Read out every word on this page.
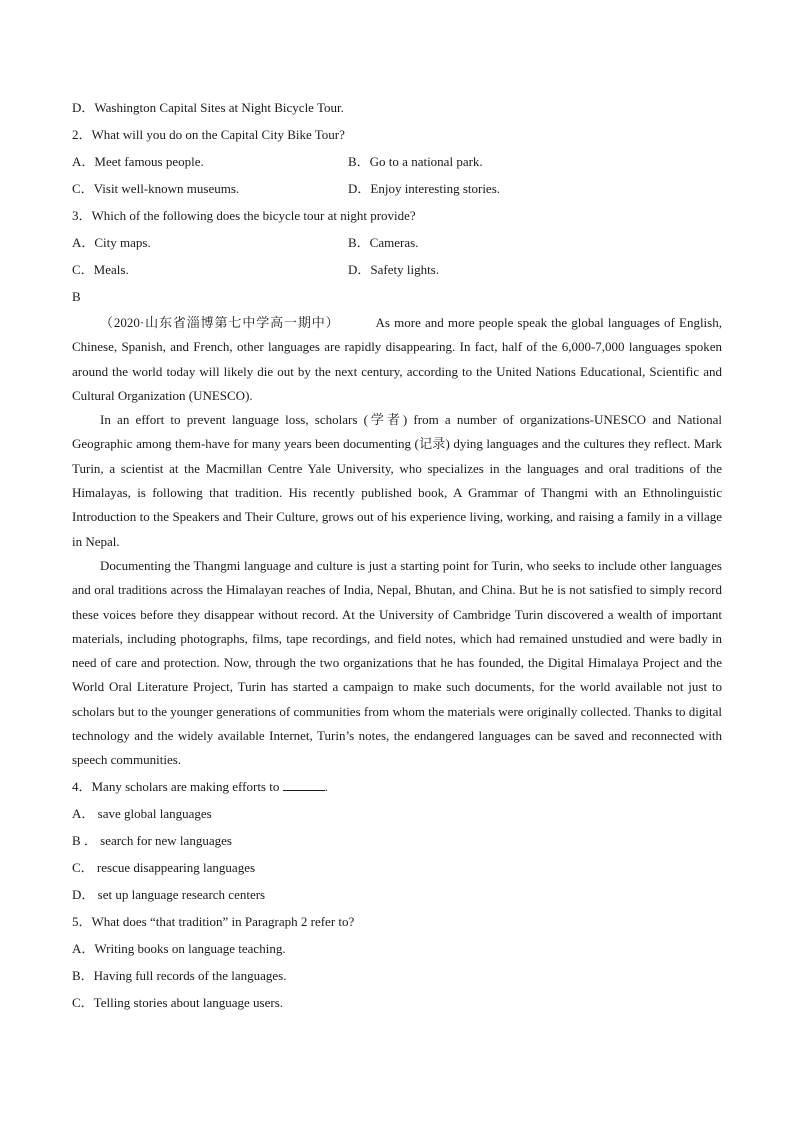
D．Washington Capital Sites at Night Bicycle Tour.
2．What will you do on the Capital City Bike Tour?
A．Meet famous people.	B．Go to a national park.
C．Visit well-known museums.	D．Enjoy interesting stories.
3．Which of the following does the bicycle tour at night provide?
A．City maps.	B．Cameras.
C．Meals.	D．Safety lights.
B

（2020·山东省淄博第七中学高一期中）	As more and more people speak the global languages of English, Chinese, Spanish, and French, other languages are rapidly disappearing. In fact, half of the 6,000-7,000 languages spoken around the world today will likely die out by the next century, according to the United Nations Educational, Scientific and Cultural Organization (UNESCO).

In an effort to prevent language loss, scholars (学者) from a number of organizations-UNESCO and National Geographic among them-have for many years been documenting (记录) dying languages and the cultures they reflect. Mark Turin, a scientist at the Macmillan Centre Yale University, who specializes in the languages and oral traditions of the Himalayas, is following that tradition. His recently published book, A Grammar of Thangmi with an Ethnolinguistic Introduction to the Speakers and Their Culture, grows out of his experience living, working, and raising a family in a village in Nepal.

Documenting the Thangmi language and culture is just a starting point for Turin, who seeks to include other languages and oral traditions across the Himalayan reaches of India, Nepal, Bhutan, and China. But he is not satisfied to simply record these voices before they disappear without record. At the University of Cambridge Turin discovered a wealth of important materials, including photographs, films, tape recordings, and field notes, which had remained unstudied and were badly in need of care and protection. Now, through the two organizations that he has founded, the Digital Himalaya Project and the World Oral Literature Project, Turin has started a campaign to make such documents, for the world available not just to scholars but to the younger generations of communities from whom the materials were originally collected. Thanks to digital technology and the widely available Internet, Turin’s notes, the endangered languages can be saved and reconnected with speech communities.

4．Many scholars are making efforts to	.
A． save global languages
B ． search for new languages
C． rescue disappearing languages
D． set up language research centers
5．What does “that tradition” in Paragraph 2 refer to?
A．Writing books on language teaching.
B．Having full records of the languages.
C．Telling stories about language users.
